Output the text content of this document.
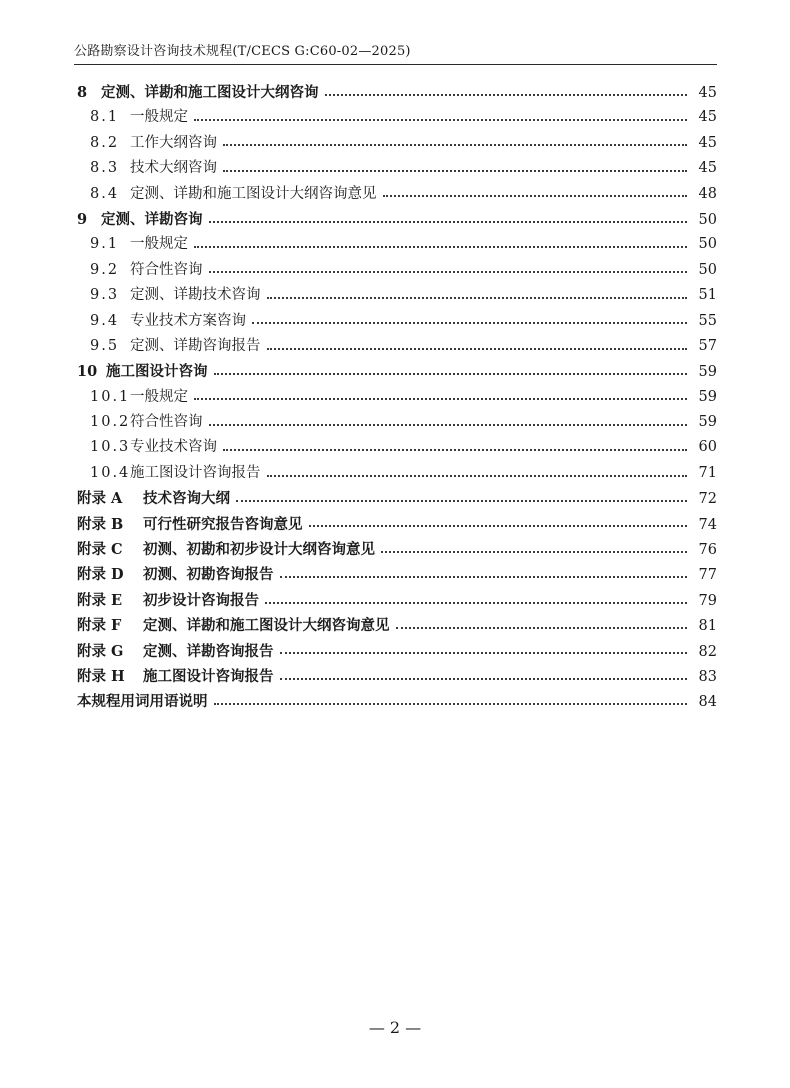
公路勘察设计咨询技术规程(T/CECS G:C60-02—2025)
8 定测、详勘和施工图设计大纲咨询	45
8.1 一般规定	45
8.2 工作大纲咨询	45
8.3 技术大纲咨询	45
8.4 定测、详勘和施工图设计大纲咨询意见	48
9 定测、详勘咨询	50
9.1 一般规定	50
9.2 符合性咨询	50
9.3 定测、详勘技术咨询	51
9.4 专业技术方案咨询	55
9.5 定测、详勘咨询报告	57
10 施工图设计咨询	59
10.1 一般规定	59
10.2 符合性咨询	59
10.3 专业技术咨询	60
10.4 施工图设计咨询报告	71
附录 A	技术咨询大纲	72
附录 B	可行性研究报告咨询意见	74
附录 C	初测、初勘和初步设计大纲咨询意见	76
附录 D	初测、初勘咨询报告	77
附录 E	初步设计咨询报告	79
附录 F	定测、详勘和施工图设计大纲咨询意见	81
附录 G	定测、详勘咨询报告	82
附录 H	施工图设计咨询报告	83
本规程用词用语说明	84
— 2 —
